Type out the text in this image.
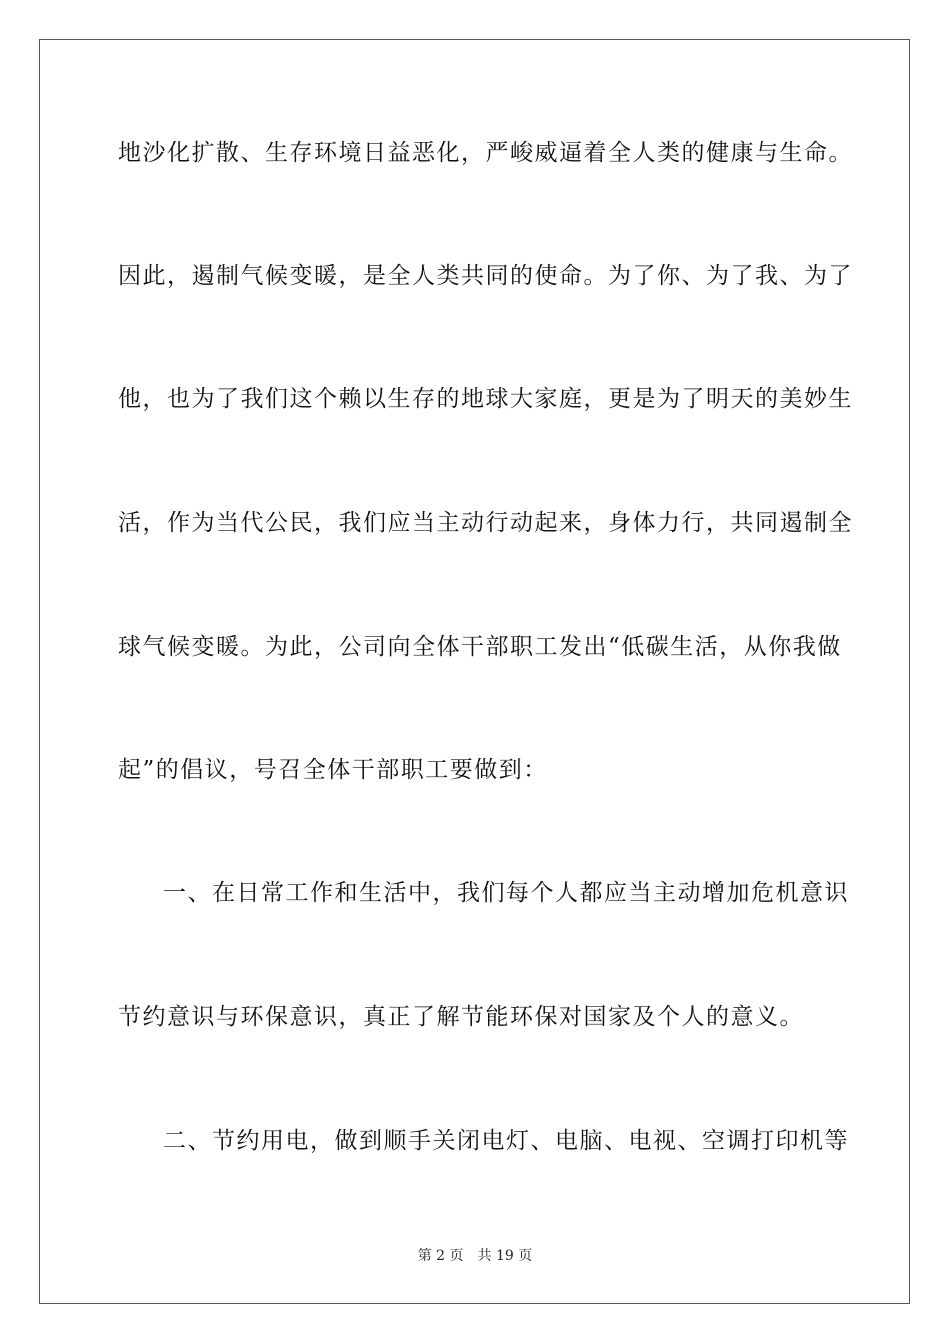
地沙化扩散、生存环境日益恶化，严峻威逼着全人类的健康与生命。
因此，遏制气候变暖，是全人类共同的使命。为了你、为了我、为了
他，也为了我们这个赖以生存的地球大家庭，更是为了明天的美妙生
活，作为当代公民，我们应当主动行动起来，身体力行，共同遏制全
球气候变暖。为此，公司向全体干部职工发出“低碳生活，从你我做
起”的倡议，号召全体干部职工要做到：
一、在日常工作和生活中，我们每个人都应当主动增加危机意识
节约意识与环保意识，真正了解节能环保对国家及个人的意义。
二、节约用电，做到顺手关闭电灯、电脑、电视、空调打印机等
第 2 页 共 19 页
